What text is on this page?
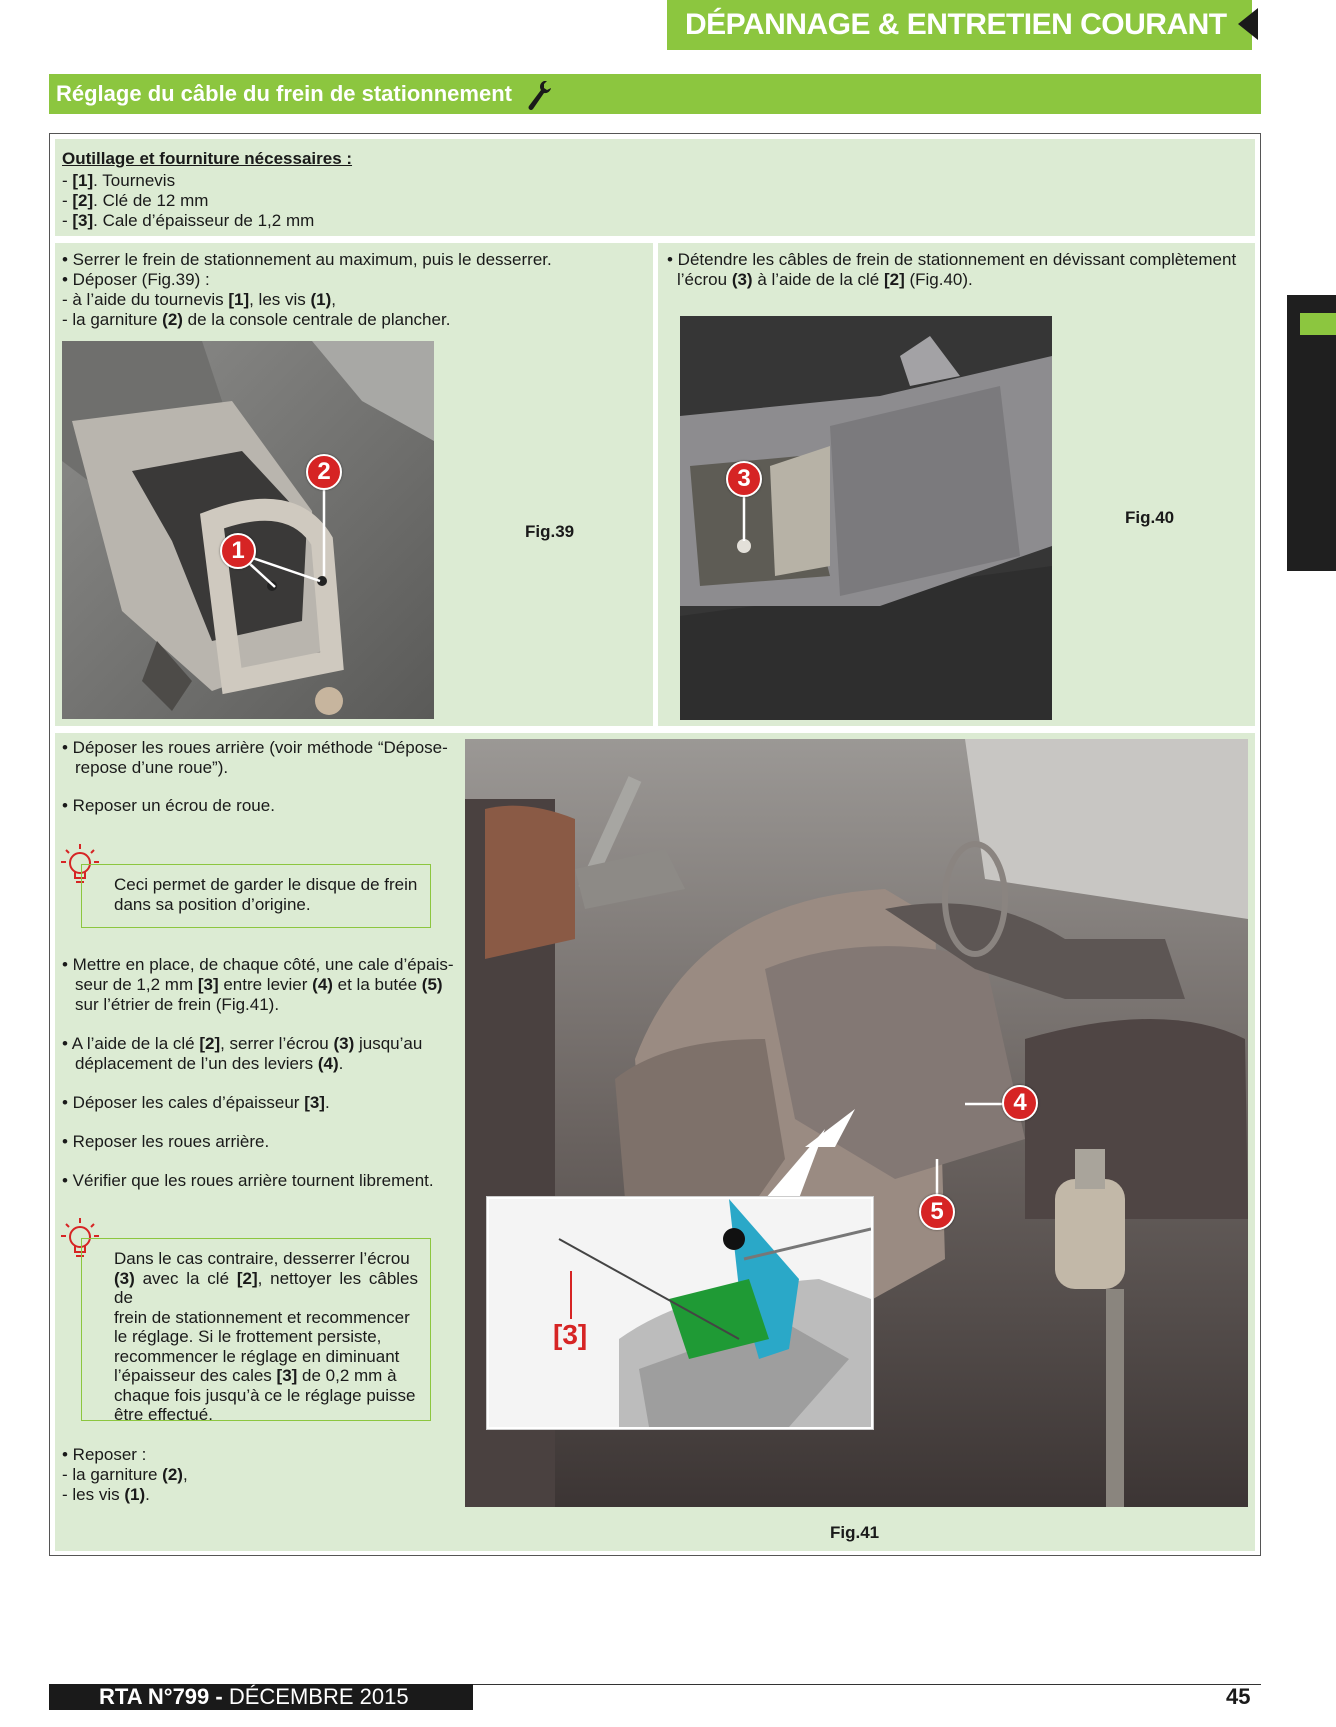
DÉPANNAGE & ENTRETIEN COURANT
Réglage du câble du frein de stationnement
Outillage et fourniture nécessaires :
- [1]. Tournevis
- [2]. Clé de 12 mm
- [3]. Cale d’épaisseur de 1,2 mm
• Serrer le frein de stationnement au maximum, puis le desserrer.
• Déposer (Fig.39) :
- à l’aide du tournevis [1], les vis (1),
- la garniture (2) de la console centrale de plancher.
1
2
Fig.39
• Détendre les câbles de frein de stationnement en dévissant complètement
l’écrou (3) à l’aide de la clé [2] (Fig.40).
3
Fig.40
• Déposer les roues arrière (voir méthode “Dépose-
repose d’une roue”).
• Reposer un écrou de roue.
Ceci permet de garder le disque de frein
dans sa position d’origine.
• Mettre en place, de chaque côté, une cale d’épais-
seur de 1,2 mm [3] entre levier (4) et la butée (5)
sur l’étrier de frein (Fig.41).
• A l’aide de la clé [2], serrer l’écrou (3) jusqu’au
déplacement de l’un des leviers (4).
• Déposer les cales d’épaisseur [3].
• Reposer les roues arrière.
• Vérifier que les roues arrière tournent librement.
Dans le cas contraire, desserrer l’écrou
(3) avec la clé [2], nettoyer les câbles de
frein de stationnement et recommencer
le réglage. Si le frottement persiste,
recommencer le réglage en diminuant
l’épaisseur des cales [3] de 0,2 mm à
chaque fois jusqu’à ce le réglage puisse
être effectué.
• Reposer :
- la garniture (2),
- les vis (1).
[3]
4
5
Fig.41
RTA N°799 - DÉCEMBRE 2015	45
